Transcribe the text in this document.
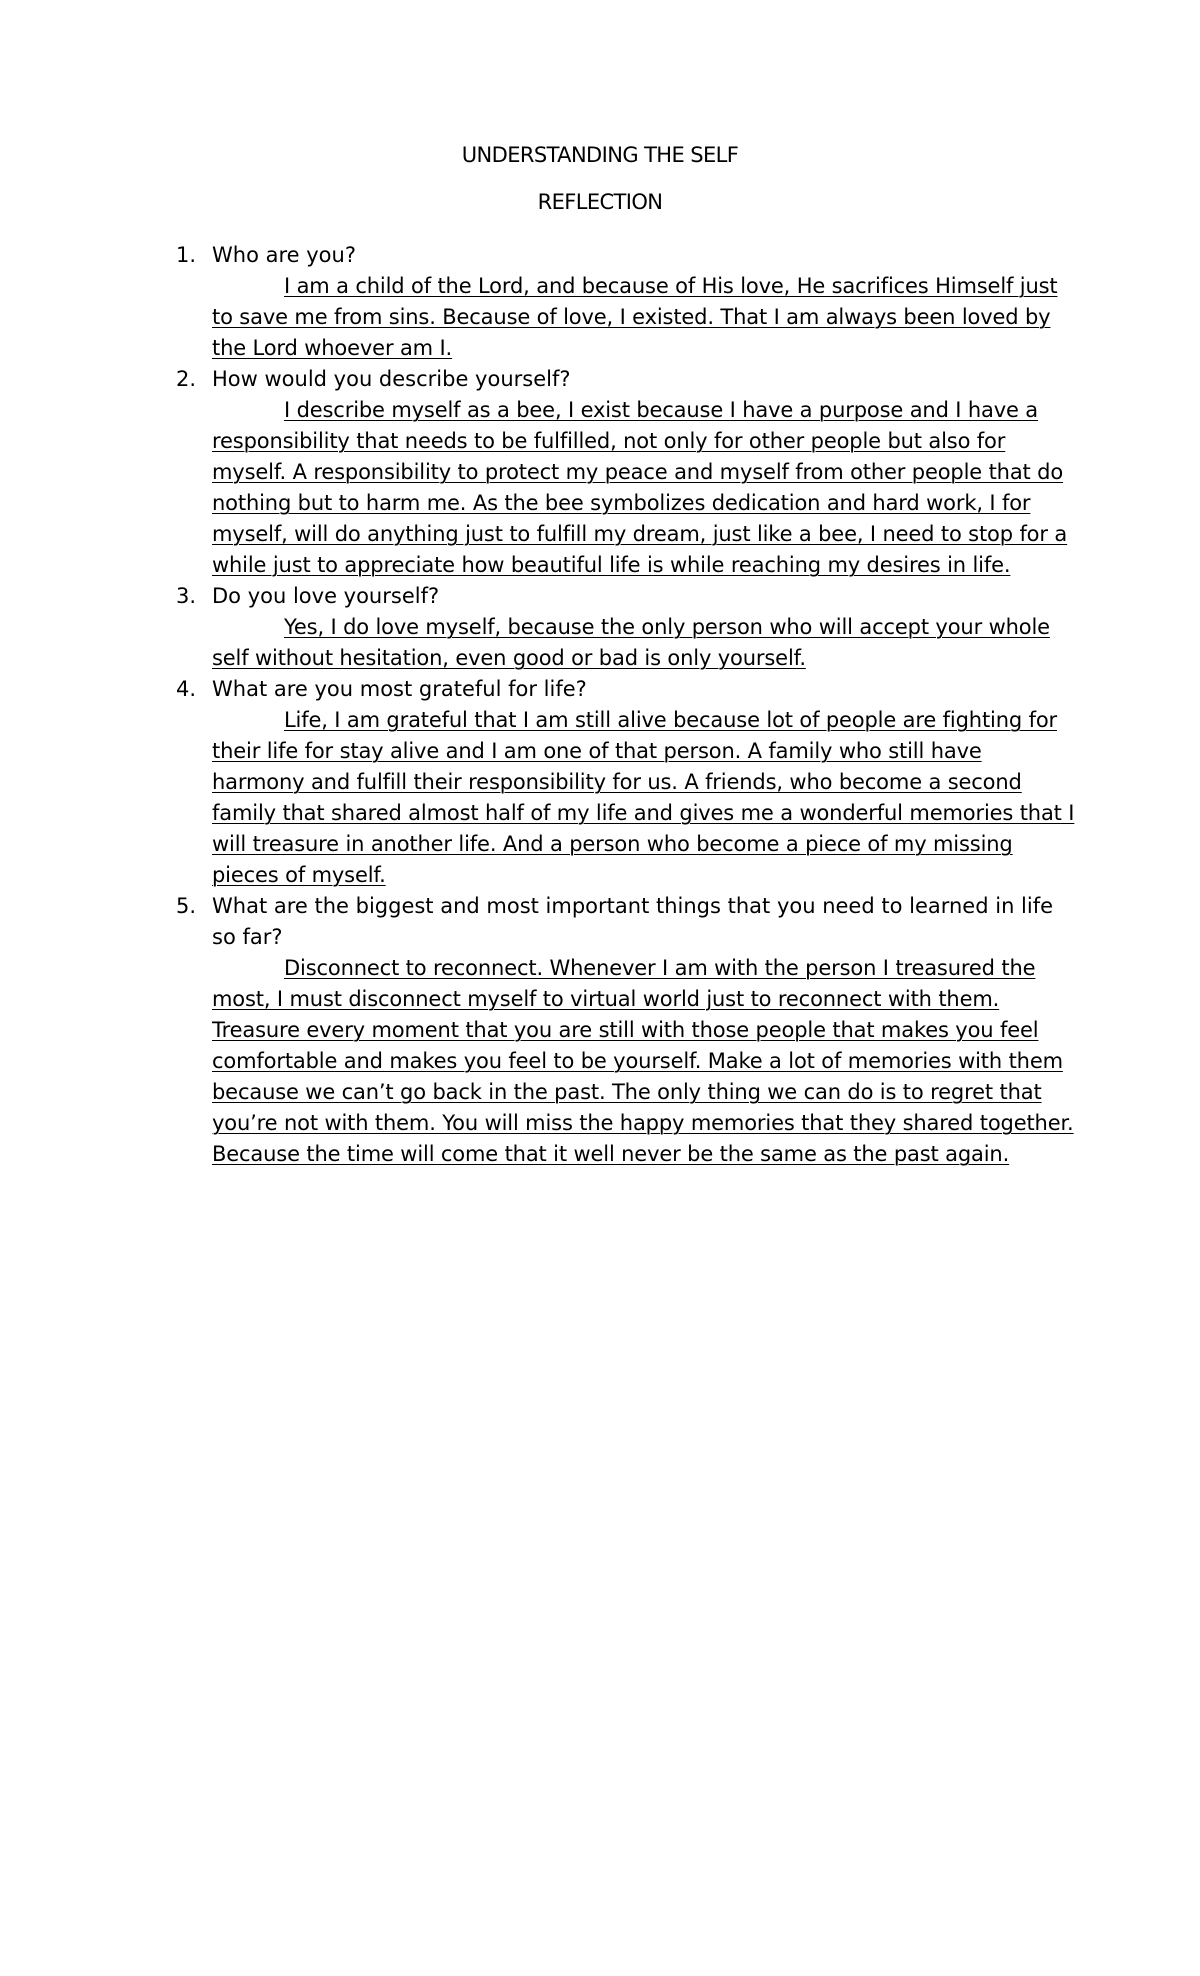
UNDERSTANDING THE SELF
REFLECTION
1. Who are you?
I am a child of the Lord, and because of His love, He sacrifices Himself just to save me from sins. Because of love, I existed. That I am always been loved by the Lord whoever am I.
2. How would you describe yourself?
I describe myself as a bee, I exist because I have a purpose and I have a responsibility that needs to be fulfilled, not only for other people but also for myself. A responsibility to protect my peace and myself from other people that do nothing but to harm me. As the bee symbolizes dedication and hard work, I for myself, will do anything just to fulfill my dream, just like a bee, I need to stop for a while just to appreciate how beautiful life is while reaching my desires in life.
3. Do you love yourself?
Yes, I do love myself, because the only person who will accept your whole self without hesitation, even good or bad is only yourself.
4. What are you most grateful for life?
Life, I am grateful that I am still alive because lot of people are fighting for their life for stay alive and I am one of that person. A family who still have harmony and fulfill their responsibility for us. A friends, who become a second family that shared almost half of my life and gives me a wonderful memories that I will treasure in another life. And a person who become a piece of my missing pieces of myself.
5. What are the biggest and most important things that you need to learned in life so far?
Disconnect to reconnect. Whenever I am with the person I treasured the most, I must disconnect myself to virtual world just to reconnect with them. Treasure every moment that you are still with those people that makes you feel comfortable and makes you feel to be yourself. Make a lot of memories with them because we can’t go back in the past. The only thing we can do is to regret that you’re not with them. You will miss the happy memories that they shared together. Because the time will come that it well never be the same as the past again.
